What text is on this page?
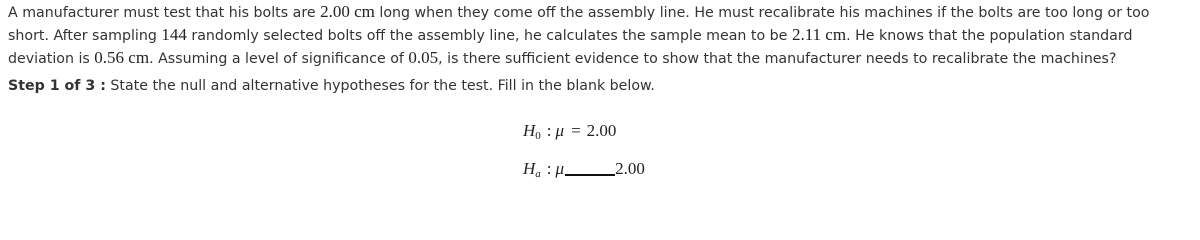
A manufacturer must test that his bolts are 2.00 cm long when they come off the assembly line. He must recalibrate his machines if the bolts are too long or too short. After sampling 144 randomly selected bolts off the assembly line, he calculates the sample mean to be 2.11 cm. He knows that the population standard deviation is 0.56 cm. Assuming a level of significance of 0.05, is there sufficient evidence to show that the manufacturer needs to recalibrate the machines?

Step 1 of 3 : State the null and alternative hypotheses for the test. Fill in the blank below.
$H_0$ : μ = 2.00
Ha : μ	2.00
